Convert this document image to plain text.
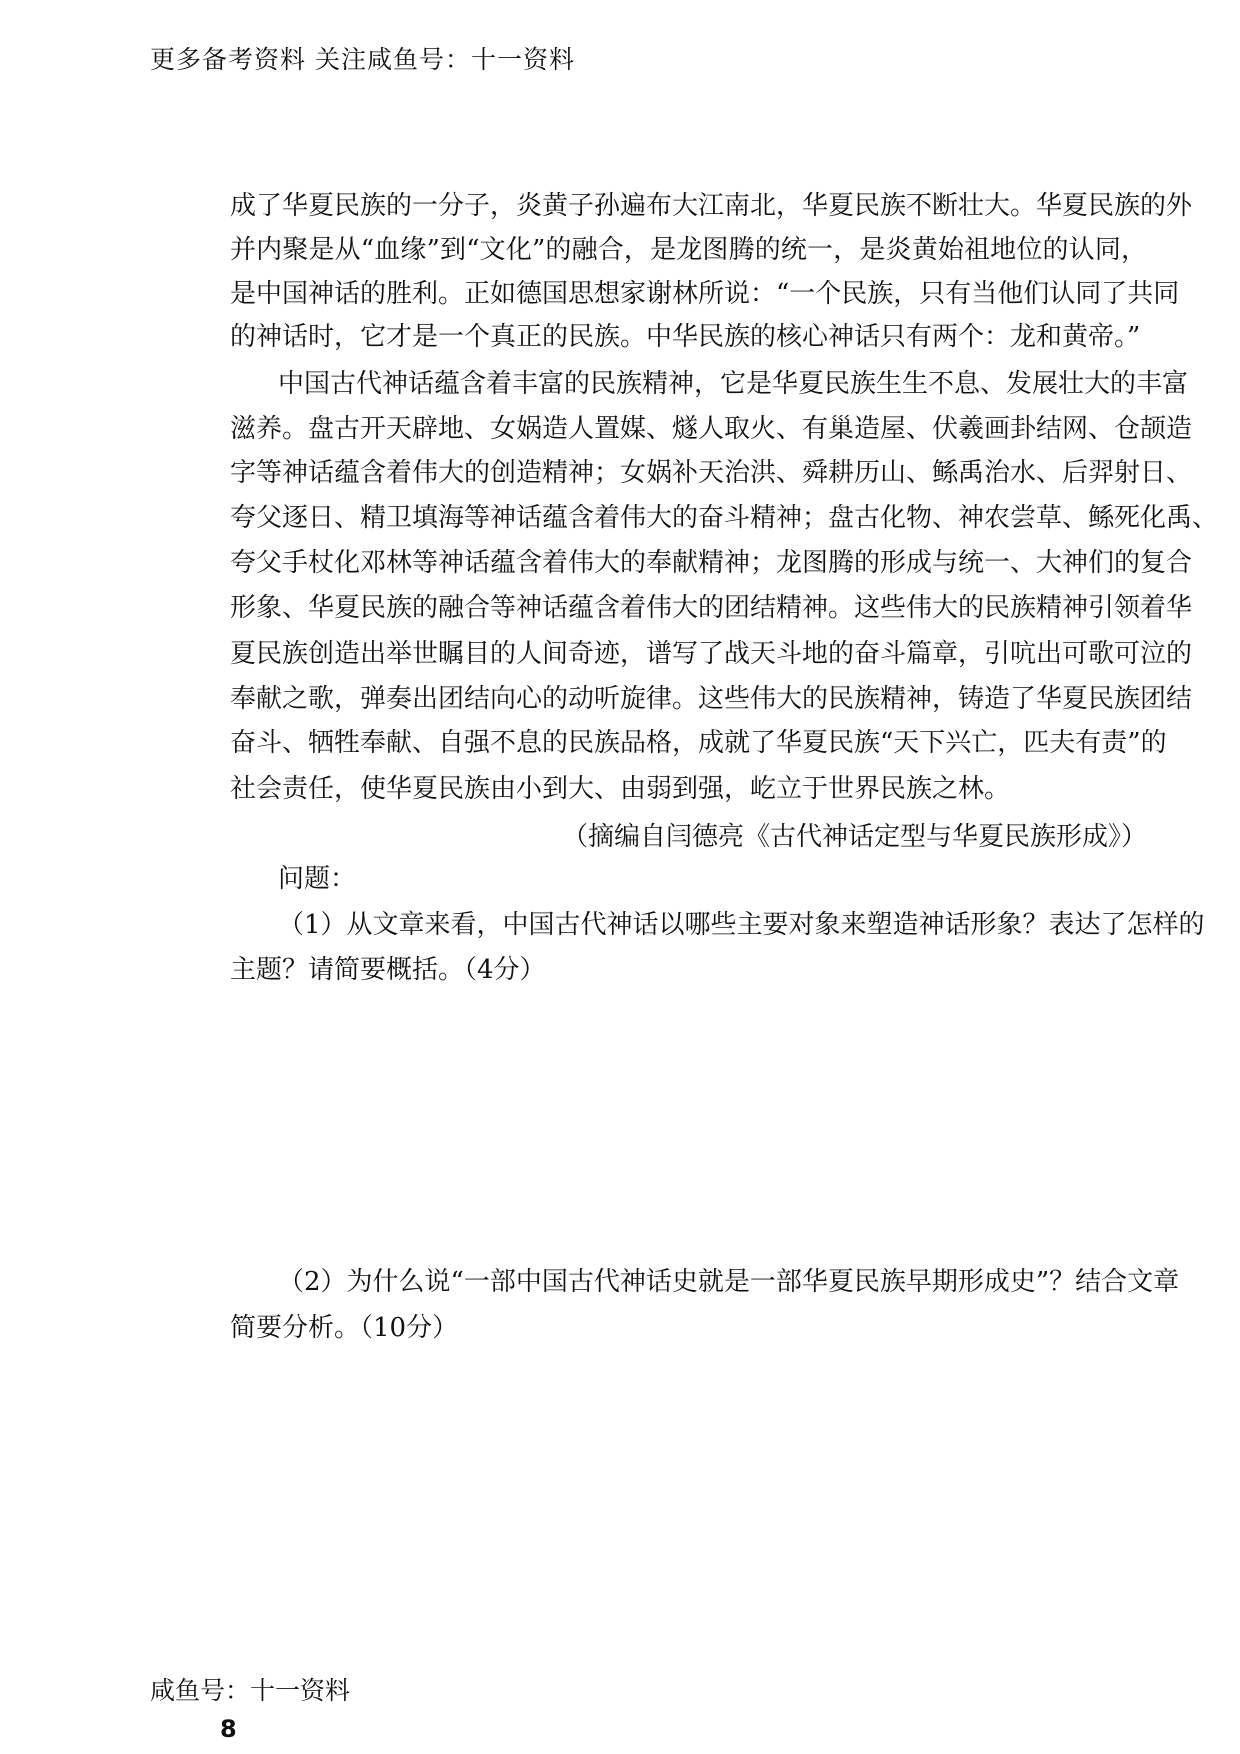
更多备考资料 关注咸鱼号：十一资料
成了华夏民族的一分子，炎黄子孙遍布大江南北，华夏民族不断壮大。华夏民族的外
并内聚是从“血缘”到“文化”的融合，是龙图腾的统一，是炎黄始祖地位的认同，
是中国神话的胜利。正如德国思想家谢林所说：“一个民族，只有当他们认同了共同
的神话时，它才是一个真正的民族。中华民族的核心神话只有两个：龙和黄帝。”
中国古代神话蕴含着丰富的民族精神，它是华夏民族生生不息、发展壮大的丰富
滋养。盘古开天辟地、女娲造人置媒、燧人取火、有巢造屋、伏羲画卦结网、仓颉造
字等神话蕴含着伟大的创造精神；女娲补天治洪、舜耕历山、鲧禹治水、后羿射日、
夸父逐日、精卫填海等神话蕴含着伟大的奋斗精神；盘古化物、神农尝草、鲧死化禹、
夸父手杖化邓林等神话蕴含着伟大的奉献精神；龙图腾的形成与统一、大神们的复合
形象、华夏民族的融合等神话蕴含着伟大的团结精神。这些伟大的民族精神引领着华
夏民族创造出举世瞩目的人间奇迹，谱写了战天斗地的奋斗篇章，引吭出可歌可泣的
奉献之歌，弹奏出团结向心的动听旋律。这些伟大的民族精神，铸造了华夏民族团结
奋斗、牺牲奉献、自强不息的民族品格，成就了华夏民族“天下兴亡，匹夫有责”的
社会责任，使华夏民族由小到大、由弱到强，屹立于世界民族之林。
（摘编自闫德亮《古代神话定型与华夏民族形成》）
问题：
（1）从文章来看，中国古代神话以哪些主要对象来塑造神话形象？表达了怎样的
主题？请简要概括。（4分）
（2）为什么说“一部中国古代神话史就是一部华夏民族早期形成史”？结合文章
简要分析。（10分）
咸鱼号：十一资料
8
